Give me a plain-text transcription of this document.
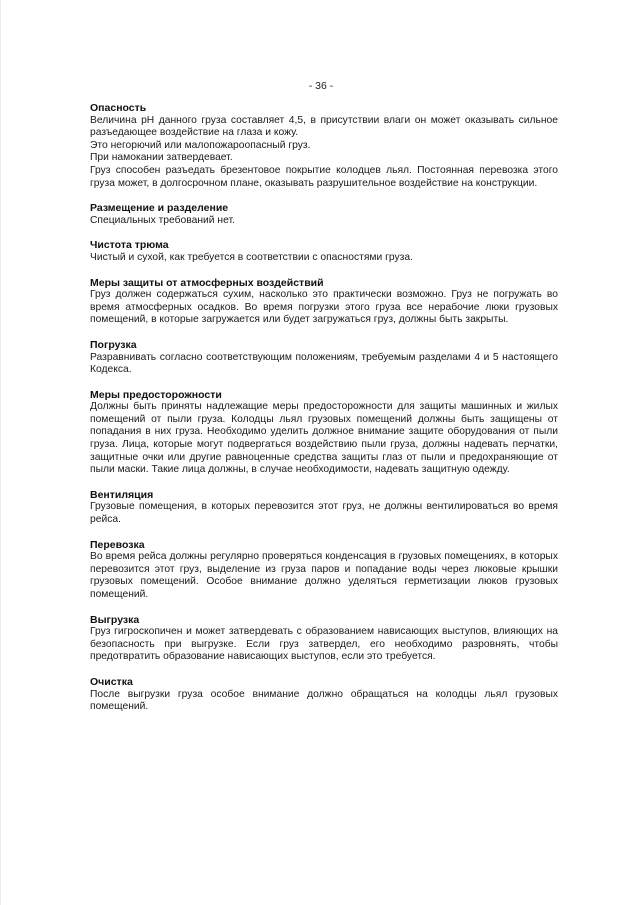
- 36 -

Опасность

Величина pH данного груза составляет 4,5, в присутствии влаги он может оказывать сильное разъедающее воздействие на глаза и кожу.

Это негорючий или малопожароопасный груз.

При намокании затвердевает.

Груз способен разъедать брезентовое покрытие колодцев льял. Постоянная перевозка этого груза может, в долгосрочном плане, оказывать разрушительное воздействие на конструкции.

Размещение и разделение

Специальных требований нет.

Чистота трюма

Чистый и сухой, как требуется в соответствии с опасностями груза.

Меры защиты от атмосферных воздействий

Груз должен содержаться сухим, насколько это практически возможно. Груз не погружать во время атмосферных осадков. Во время погрузки этого груза все нерабочие люки грузовых помещений, в которые загружается или будет загружаться груз, должны быть закрыты.

Погрузка

Разравнивать согласно соответствующим положениям, требуемым разделами 4 и 5 настоящего Кодекса.

Меры предосторожности

Должны быть приняты надлежащие меры предосторожности для защиты машинных и жилых помещений от пыли груза. Колодцы льял грузовых помещений должны быть защищены от попадания в них груза. Необходимо уделить должное внимание защите оборудования от пыли груза. Лица, которые могут подвергаться воздействию пыли груза, должны надевать перчатки, защитные очки или другие равноценные средства защиты глаз от пыли и предохраняющие от пыли маски. Такие лица должны, в случае необходимости, надевать защитную одежду.

Вентиляция

Грузовые помещения, в которых перевозится этот груз, не должны вентилироваться во время рейса.

Перевозка

Во время рейса должны регулярно проверяться конденсация в грузовых помещениях, в которых перевозится этот груз, выделение из груза паров и попадание воды через люковые крышки грузовых помещений. Особое внимание должно уделяться герметизации люков грузовых помещений.

Выгрузка

Груз гигроскопичен и может затвердевать с образованием нависающих выступов, влияющих на безопасность при выгрузке. Если груз затвердел, его необходимо разровнять, чтобы предотвратить образование нависающих выступов, если это требуется.

Очистка

После выгрузки груза особое внимание должно обращаться на колодцы льял грузовых помещений.
